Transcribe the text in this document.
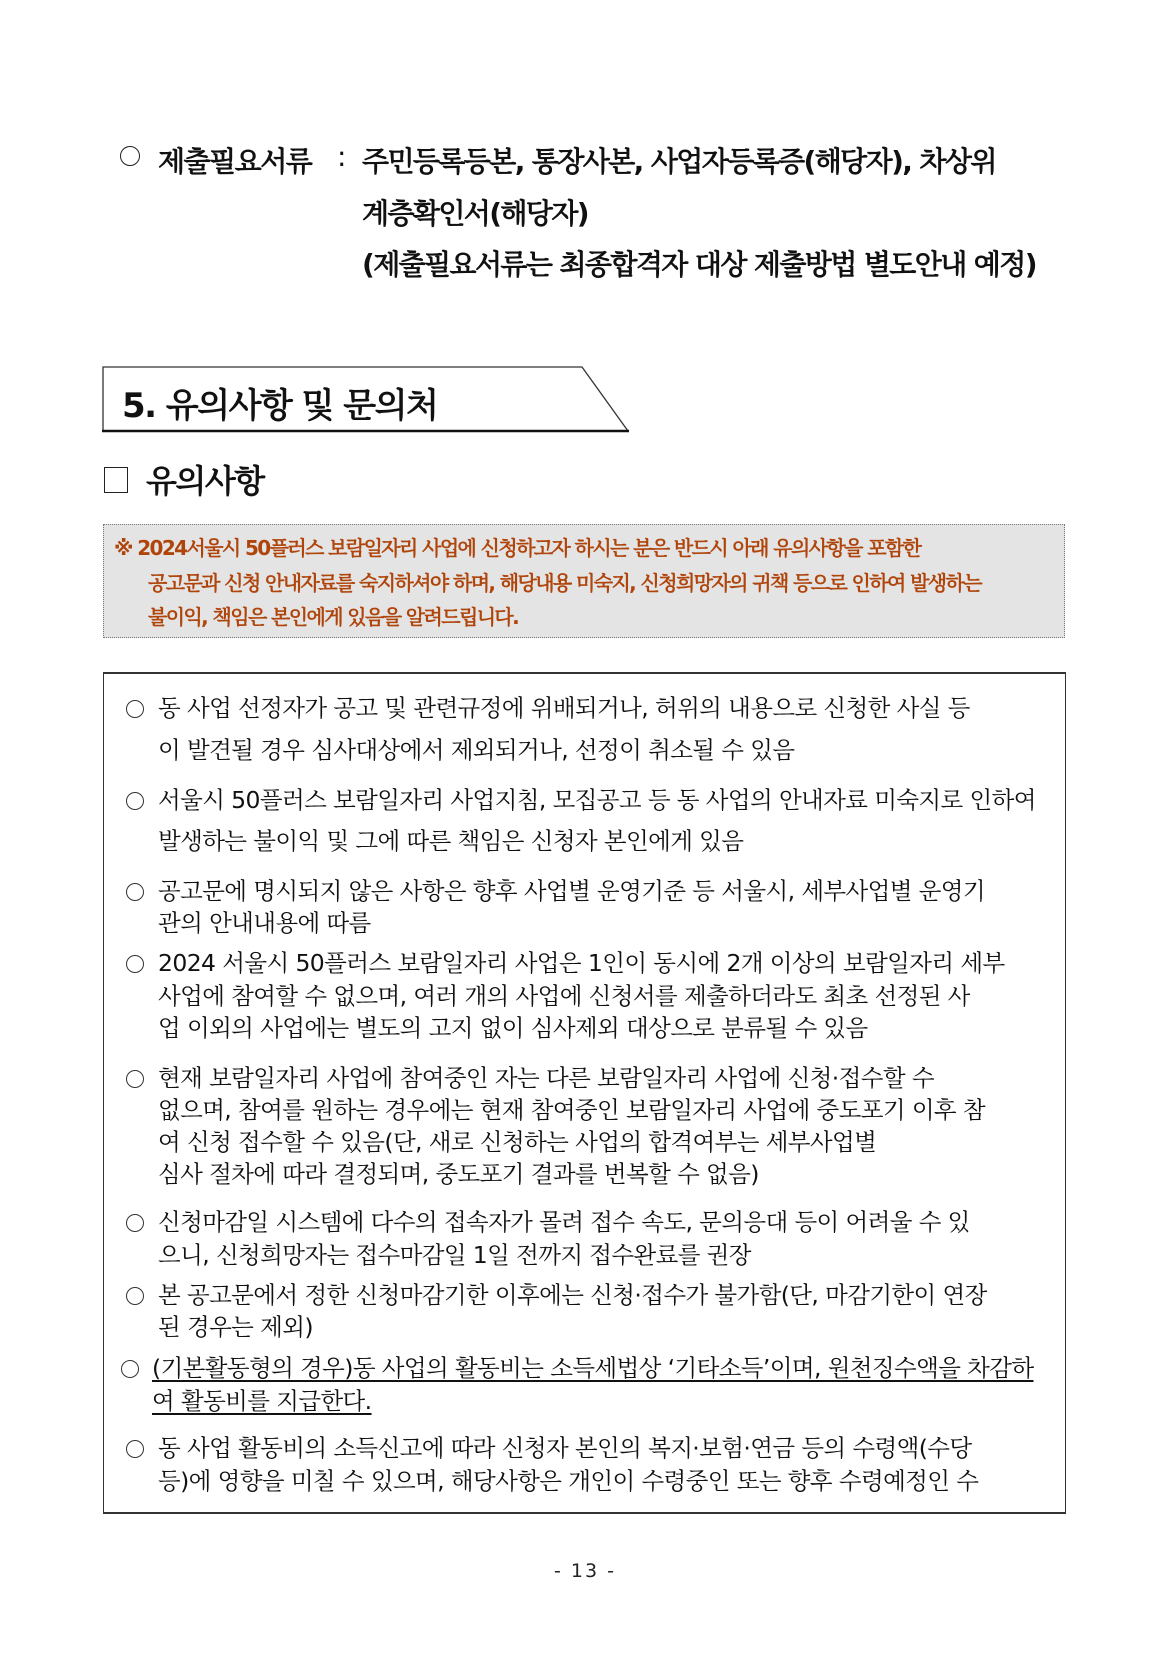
제출필요서류 : 주민등록등본, 통장사본, 사업자등록증(해당자), 차상위
계층확인서(해당자)
(제출필요서류는 최종합격자 대상 제출방법 별도안내 예정)
5. 유의사항 및 문의처
유의사항
※ 2024서울시 50플러스 보람일자리 사업에 신청하고자 하시는 분은 반드시 아래 유의사항을 포함한
공고문과 신청 안내자료를 숙지하셔야 하며, 해당내용 미숙지, 신청희망자의 귀책 등으로 인하여 발생하는
불이익, 책임은 본인에게 있음을 알려드립니다.
동 사업 선정자가 공고 및 관련규정에 위배되거나, 허위의 내용으로 신청한 사실 등
이 발견될 경우 심사대상에서 제외되거나, 선정이 취소될 수 있음
서울시 50플러스 보람일자리 사업지침, 모집공고 등 동 사업의 안내자료 미숙지로 인하여
발생하는 불이익 및 그에 따른 책임은 신청자 본인에게 있음
공고문에 명시되지 않은 사항은 향후 사업별 운영기준 등 서울시, 세부사업별 운영기
관의 안내내용에 따름
2024 서울시 50플러스 보람일자리 사업은 1인이 동시에 2개 이상의 보람일자리 세부
사업에 참여할 수 없으며, 여러 개의 사업에 신청서를 제출하더라도 최초 선정된 사
업 이외의 사업에는 별도의 고지 없이 심사제외 대상으로 분류될 수 있음
현재 보람일자리 사업에 참여중인 자는 다른 보람일자리 사업에 신청·접수할 수
없으며, 참여를 원하는 경우에는 현재 참여중인 보람일자리 사업에 중도포기 이후 참
여 신청 접수할 수 있음(단, 새로 신청하는 사업의 합격여부는 세부사업별
심사 절차에 따라 결정되며, 중도포기 결과를 번복할 수 없음)
신청마감일 시스템에 다수의 접속자가 몰려 접수 속도, 문의응대 등이 어려울 수 있
으니, 신청희망자는 접수마감일 1일 전까지 접수완료를 권장
본 공고문에서 정한 신청마감기한 이후에는 신청·접수가 불가함(단, 마감기한이 연장
된 경우는 제외)
(기본활동형의 경우)동 사업의 활동비는 소득세법상 ‘기타소득’이며, 원천징수액을 차감하
여 활동비를 지급한다.
동 사업 활동비의 소득신고에 따라 신청자 본인의 복지·보험·연금 등의 수령액(수당
등)에 영향을 미칠 수 있으며, 해당사항은 개인이 수령중인 또는 향후 수령예정인 수
- 13 -
